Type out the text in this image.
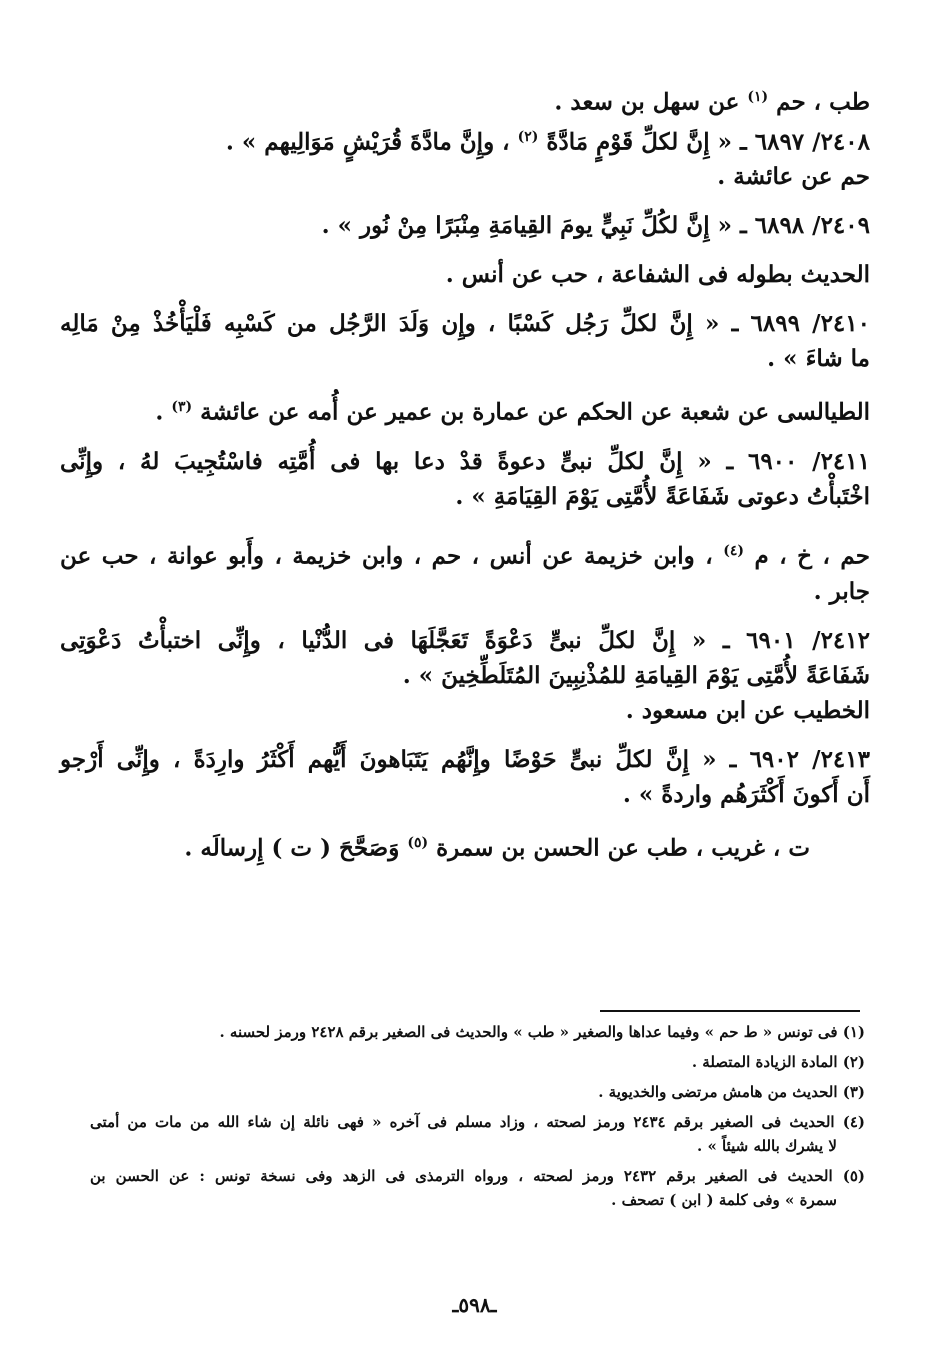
طب ، حم $^{(١)}$ عن سهل بن سعد .
٢٤٠٨/ ٦٨٩٧ ـ « إِنَّ لكلِّ قَوْمٍ مَادَّةً $^{(٢)}$ ، وإِنَّ مادَّةَ قُرَيْشٍ مَوَالِيهم » .
حم عن عائشة .
٢٤٠٩/ ٦٨٩٨ ـ « إِنَّ لكُلِّ نَبِيٍّ يومَ القِيامَةِ مِنْبَرًا مِنْ نُور » .
الحديث بطوله فى الشفاعة ، حب عن أنس .
٢٤١٠/ ٦٨٩٩ ـ « إِنَّ لكلِّ رَجُل كَسْبًا ، وإِن وَلَدَ الرَّجُل من كَسْبِه فَلْيَأْخُذْ مِنْ مَالِه
ما شاءَ » .
الطيالسى عن شعبة عن الحكم عن عمارة بن عمير عن أُمه عن عائشة $^{(٣)}$ .
٢٤١١/ ٦٩٠٠ ـ « إِنَّ لكلِّ نبىٍّ دعوةً قدْ دعا بها فى أُمَّتِه فاسْتُجِيبَ لهُ ، وإِنِّى
اخْتَبأْتُ دعوتى شَفَاعَةً لأُمَّتِى يَوْمَ القِيَامَةِ » .
حم ، خ ، م $^{(٤)}$ ، وابن خزيمة عن أنس ، حم ، وابن خزيمة ، وأَبو عوانة ، حب عن
جابر .
٢٤١٢/ ٦٩٠١ ـ « إِنَّ لكلِّ نبىٍّ دَعْوَةً تَعَجَّلَهَا فى الدُّنْيا ، وإِنِّى اختبأْتُ دَعْوَتِى
شَفَاعَةً لأُمَّتِى يَوْمَ القِيامَةِ للمُذْنِبِينَ المُتَلَطِّخِينَ » .
الخطيب عن ابن مسعود .
٢٤١٣/ ٦٩٠٢ ـ « إِنَّ لكلِّ نبىٍّ حَوْضًا وإِنَّهُم يَتَبَاهونَ أَيُّهم أَكْثَرُ وارِدَةً ، وإِنِّى أَرْجو
أَن أَكونَ أَكْثَرَهُم واردةً » .
ت ، غريب ، طب عن الحسن بن سمرة $^{(٥)}$ وَصَحَّحَ ( ت ) إِرسالَه .
(١) فى تونس « ط حم » وفيما عداها والصغير « طب » والحديث فى الصغير برقم ٢٤٢٨ ورمز لحسنه .
(٢) المادة الزيادة المتصلة .
(٣) الحديث من هامش مرتضى والخديوية .
(٤) الحديث فى الصغير برقم ٢٤٣٤ ورمز لصحته ، وزاد مسلم فى آخره « فهى نائلة إن شاء الله من مات من أمتى
لا يشرك بالله شيئاً » .
(٥) الحديث فى الصغير برقم ٢٤٣٢ ورمز لصحته ، ورواه الترمذى فى الزهد وفى نسخة تونس : عن الحسن بن
سمرة » وفى كلمة ( ابن ) تصحف .
ـ٥٩٨ـ
